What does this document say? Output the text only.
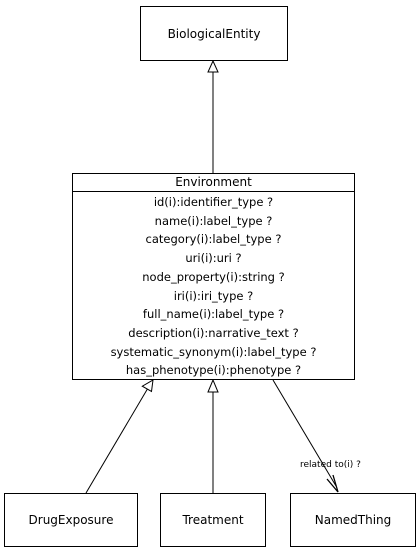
BiologicalEntity
Environment
id(i):identifier_type ?
name(i):label_type ?
category(i):label_type ?
uri(i):uri ?
node_property(i):string ?
iri(i):iri_type ?
full_name(i):label_type ?
description(i):narrative_text ?
systematic_synonym(i):label_type ?
has_phenotype(i):phenotype ?
DrugExposure	Treatment	NamedThing
related to(i) ?
